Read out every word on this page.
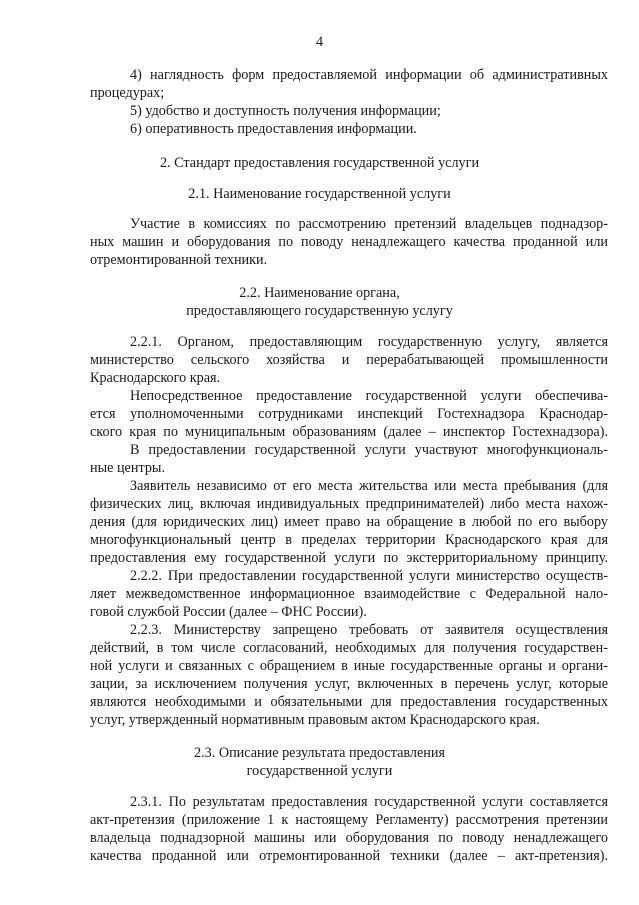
4
4) наглядность форм предоставляемой информации об административных
процедурах;
5) удобство и доступность получения информации;
6) оперативность предоставления информации.
2. Стандарт предоставления государственной услуги
2.1. Наименование государственной услуги
Участие в комиссиях по рассмотрению претензий владельцев поднадзор-
ных машин и оборудования по поводу ненадлежащего качества проданной или
отремонтированной техники.
2.2. Наименование органа,
предоставляющего государственную услугу
2.2.1. Органом, предоставляющим государственную услугу, является
министерство сельского хозяйства и перерабатывающей промышленности
Краснодарского края.
Непосредственное предоставление государственной услуги обеспечива-
ется уполномоченными сотрудниками инспекций Гостехнадзора Краснодар-
ского края по муниципальным образованиям (далее – инспектор Гостехнадзора).
В предоставлении государственной услуги участвуют многофункциональ-
ные центры.
Заявитель независимо от его места жительства или места пребывания (для
физических лиц, включая индивидуальных предпринимателей) либо места нахож-
дения (для юридических лиц) имеет право на обращение в любой по его выбору
многофункциональный центр в пределах территории Краснодарского края для
предоставления ему государственной услуги по экстерриториальному принципу.
2.2.2. При предоставлении государственной услуги министерство осуществ-
ляет межведомственное информационное взаимодействие с Федеральной нало-
говой службой России (далее – ФНС России).
2.2.3. Министерству запрещено требовать от заявителя осуществления
действий, в том числе согласований, необходимых для получения государствен-
ной услуги и связанных с обращением в иные государственные органы и органи-
зации, за исключением получения услуг, включенных в перечень услуг, которые
являются необходимыми и обязательными для предоставления государственных
услуг, утвержденный нормативным правовым актом Краснодарского края.
2.3. Описание результата предоставления
государственной услуги
2.3.1. По результатам предоставления государственной услуги составляется
акт-претензия (приложение 1 к настоящему Регламенту) рассмотрения претензии
владельца поднадзорной машины или оборудования по поводу ненадлежащего
качества проданной или отремонтированной техники (далее – акт-претензия).
